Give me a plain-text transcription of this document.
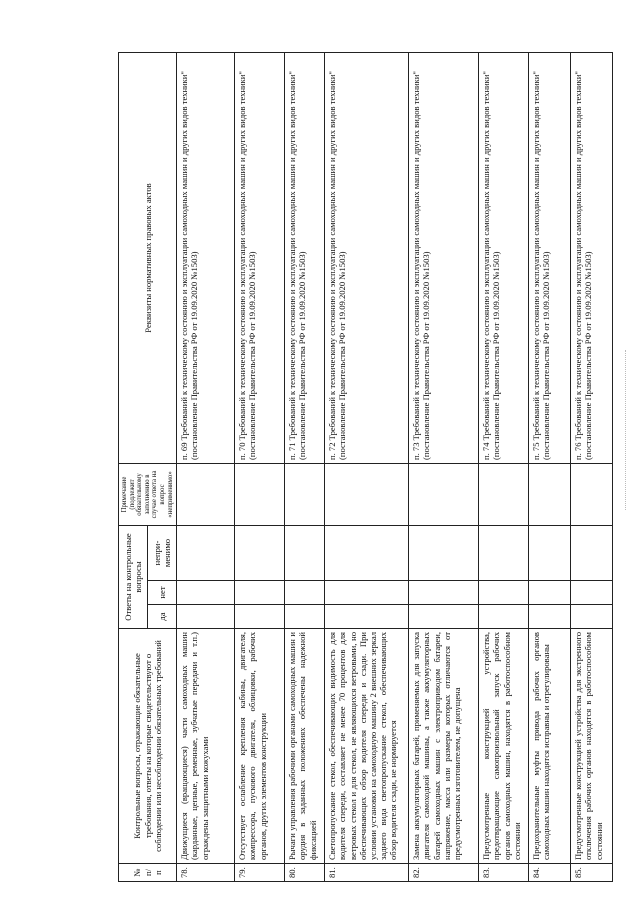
№
п/п	Контрольные вопросы, отражающие обязательные требования, ответы на которые свидетельствуют о соблюдении или несоблюдении обязательных требований	Ответы на контрольные вопросы			Примечание (подлежит обязательному заполнению в случае ответа на вопрос «неприменимо»	Реквизиты нормативных правовых актов
		да	нет	непри-менимо		
78.	Движущиеся (вращающиеся) части самоходных машин (карданные, цепные, ременные, зубчатые передачи и т.п.) ограждены защитными кожухами					п. 69 Требований к техническому состоянию и эксплуатации самоходных машин и других видов техники" (постановление Правительства РФ от 19.09.2020 №1503)
79.	Отсутствует ослабление крепления кабины, двигателя, компрессора, пускового двигателя, облицовки, рабочих органов, других элементов конструкции					п. 70 Требований к техническому состоянию и эксплуатации самоходных машин и других видов техники" (постановление Правительства РФ от 19.09.2020 №1503)
80.	Рычаги управления рабочими органами самоходных машин и орудия в заданных положениях обеспечены надежной фиксацией					п. 71 Требований к техническому состоянию и эксплуатации самоходных машин и других видов техники" (постановление Правительства РФ от 19.09.2020 №1503)
81.	Светопропускание стекол, обеспечивающих видимость для водителя спереди, составляет не менее 70 процентов для ветровых стекол и для стекол, не являющихся ветровыми, но обеспечивающих обзор водителя спереди и сзади. При условии установки на самоходную машину 2 внешних зеркал заднего вида светопропускание стекол, обеспечивающих обзор водителя сзади, не нормируется					п. 72 Требований к техническому состоянию и эксплуатации самоходных машин и других видов техники" (постановление Правительства РФ от 19.09.2020 №1503)
82.	Замена аккумуляторных батарей, применяемых для запуска двигателя самоходной машины, а также аккумуляторных батарей самоходных машин с электроприводом батареи, напряжение, масса или размеры которых отличаются от предусмотренных изготовителем, не допущена					п. 73 Требований к техническому состоянию и эксплуатации самоходных машин и других видов техники" (постановление Правительства РФ от 19.09.2020 №1503)
83.	Предусмотренные конструкцией устройства, предотвращающие самопроизвольный запуск рабочих органов самоходных машин, находятся в работоспособном состоянии					п. 74 Требований к техническому состоянию и эксплуатации самоходных машин и других видов техники" (постановление Правительства РФ от 19.09.2020 №1503)
84.	Предохранительные муфты привода рабочих органов самоходных машин находятся исправны и отрегулированы					п. 75 Требований к техническому состоянию и эксплуатации самоходных машин и других видов техники" (постановление Правительства РФ от 19.09.2020 №1503)
85.	Предусмотренные конструкцией устройства для экстренного отключения рабочих органов находятся в работоспособном состоянии					п. 76 Требований к техническому состоянию и эксплуатации самоходных машин и других видов техники" (постановление Правительства РФ от 19.09.2020 №1503)
